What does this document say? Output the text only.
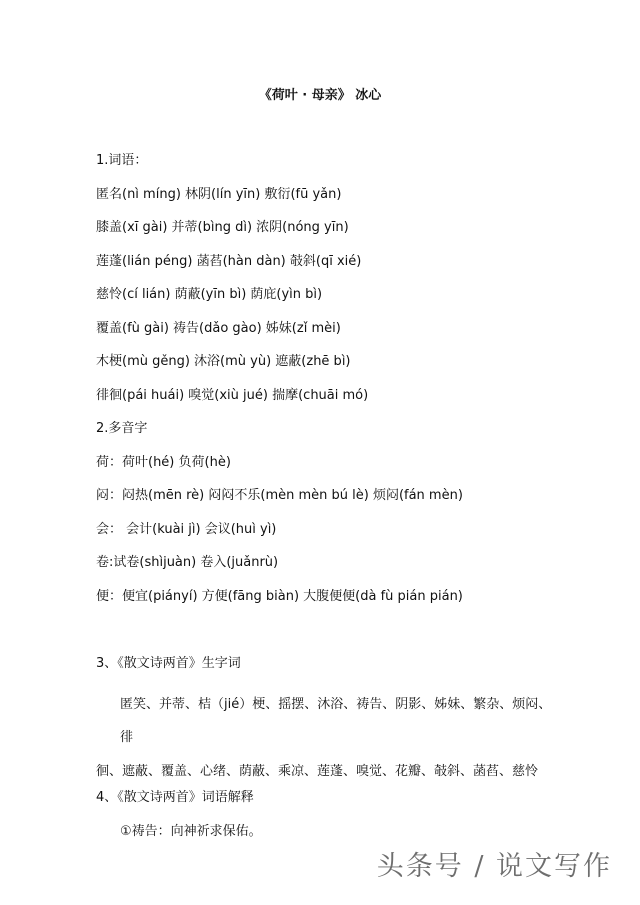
《荷叶 · 母亲》 冰心
1.词语：
匿名(nì míng) 林阴(lín yīn) 敷衍(fū yǎn)
膝盖(xī gài) 并蒂(bìng dì) 浓阴(nóng yīn)
莲蓬(lián péng) 菡萏(hàn dàn) 攲斜(qī xié)
慈怜(cí lián) 荫蔽(yīn bì) 荫庇(yìn bì)
覆盖(fù gài) 祷告(dǎo gào) 姊妹(zǐ mèi)
木梗(mù gěng) 沐浴(mù yù) 遮蔽(zhē bì)
徘徊(pái huái) 嗅觉(xiù jué) 揣摩(chuāi mó)
2.多音字
荷：荷叶(hé) 负荷(hè)
闷：闷热(mēn rè) 闷闷不乐(mèn mèn bú lè) 烦闷(fán mèn)
会： 会计(kuài jì) 会议(huì yì)
卷:试卷(shìjuàn) 卷入(juǎnrù)
便：便宜(piányí) 方便(fāng biàn) 大腹便便(dà fù pián pián)
3、《散文诗两首》生字词
匿笑、并蒂、桔（jié）梗、摇摆、沐浴、祷告、阴影、姊妹、繁杂、烦闷、徘
徊、遮蔽、覆盖、心绪、荫蔽、乘凉、莲蓬、嗅觉、花瓣、攲斜、菡萏、慈怜
4、《散文诗两首》词语解释
①祷告：向神祈求保佑。
头条号 / 说文写作
